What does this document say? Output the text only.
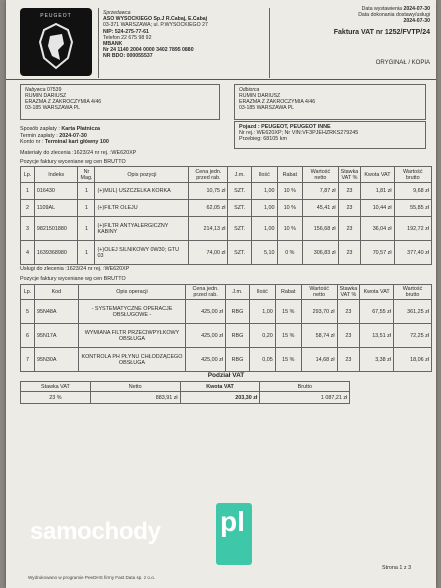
PEUGEOT	Sprzedawca
ASO WYSOCKIEGO Sp.J R.Cabaj, E.Cabaj
03-371 WARSZAWA; ul. P.WYSOCKIEGO 27
NIP: 524-275-77-61
Telefon 22 675 98 92
MBANK
Nr 24 1140 2004 0000 3402 7895 0880
NR BDO: 000055537
Data wystawienia 2024-07-30
Data dokonania dostawy/usługi
2024-07-30
Faktura VAT nr 1252/FVTP/24
ORYGINAŁ / KOPIA
Nabywca 07539
RUMIN DARIUSZ
ERAZMA Z ZAKROCZYMIA 4/46
03-185 WARSZAWA PL
Odbiorca
RUMIN DARIUSZ
ERAZMA Z ZAKROCZYMIA 4/46
03-185 WARSZAWA PL
Sposób zapłaty : Karta Płatnicza
Termin zapłaty : 2024-07-30
Konto nr : Terminal kart główny 100
Pojazd : PEUGEOT, PEUGEOT INNE
Nr rej.: WE620XP; Nr VIN:VF3PJEHZRKS279245
Przebieg: 68105 km
Materiały do zlecenia :1623/24 nr rej. :WE620XP
Pozycje faktury wyceniane wg cen BRUTTO
Lp.	Indeks	Nr Mag.	Opis pozycji	Cena jedn. przed rab.	J.m.	Ilość	Rabat	Wartość netto	Stawka VAT %	Kwota VAT	Wartość brutto
1	016430	1	(+)MUL) USZCZELKA KORKA	10,75 zł	SZT.	1,00	10 %	7,87 zł	23	1,81 zł	9,68 zł
2	1109AL	1	(+)FILTR OLEJU	62,05 zł	SZT.	1,00	10 %	45,41 zł	23	10,44 zł	55,85 zł
3	9821501880	1	(+)FILTR ANTYALERGICZNY KABINY	214,13 zł	SZT.	1,00	10 %	156,68 zł	23	36,04 zł	192,72 zł
4	1639368980	1	(+)OLEJ SILNIKOWY 0W30; GTU 03	74,00 zł	SZT.	5,10	0 %	306,83 zł	23	70,57 zł	377,40 zł
Usługi do zlecenia :1623/24 nr rej. :WE620XP
Pozycje faktury wyceniane wg cen BRUTTO
Lp.	Kod	Opis operacji	Cena jedn. przed rab.	J.m.	Ilość	Rabat	Wartość netto	Stawka VAT %	Kwota VAT	Wartość brutto
5	95N48A	- SYSTEMATYCZNE OPERACJE OBSŁUGOWE -	425,00 zł	RBG	1,00	15 %	293,70 zł	23	67,55 zł	361,25 zł
6	95N17A	WYMIANA FILTR PRZECIWPYŁKOWY OBSŁUGA	425,00 zł	RBG	0,20	15 %	58,74 zł	23	13,51 zł	72,25 zł
7	95N30A	KONTROLA PH PŁYNU CHŁODZĄCEGO OBSŁUGA	425,00 zł	RBG	0,05	15 %	14,68 zł	23	3,38 zł	18,06 zł
Podział VAT
Stawka VAT	Netto	Kwota VAT	Brutto	
23 %	883,91 zł	203,30 zł	1 087,21 zł	
samochody pl
Strona 1 z 3
Wydrukowano w programie PeeDHS firmy Fast Data sp. z o.o.
